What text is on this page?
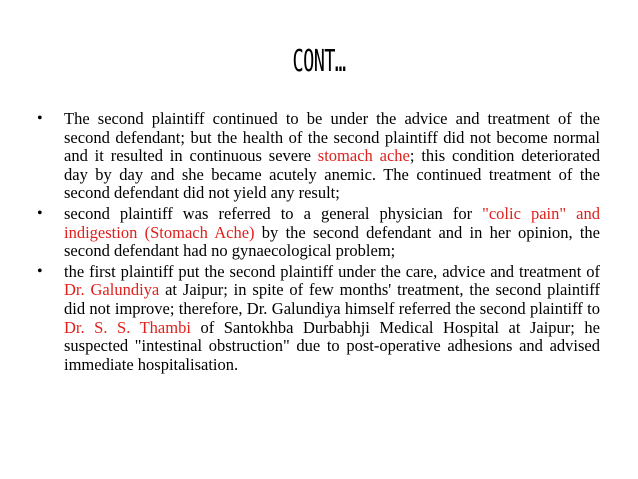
CONT…
• The second plaintiff continued to be under the advice and treatment of the second defendant; but the health of the second plaintiff did not become normal and it resulted in continuous severe stomach ache; this condition deteriorated day by day and she became acutely anemic. The continued treatment of the second defendant did not yield any result;
• second plaintiff was referred to a general physician for "colic pain" and indigestion (Stomach Ache) by the second defendant and in her opinion, the second defendant had no gynaecological problem;
• the first plaintiff put the second plaintiff under the care, advice and treatment of Dr. Galundiya at Jaipur; in spite of few months' treatment, the second plaintiff did not improve; therefore, Dr. Galundiya himself referred the second plaintiff to Dr. S. S. Thambi of Santokhba Durbabhji Medical Hospital at Jaipur; he suspected "intestinal obstruction" due to post-operative adhesions and advised immediate hospitalisation.
